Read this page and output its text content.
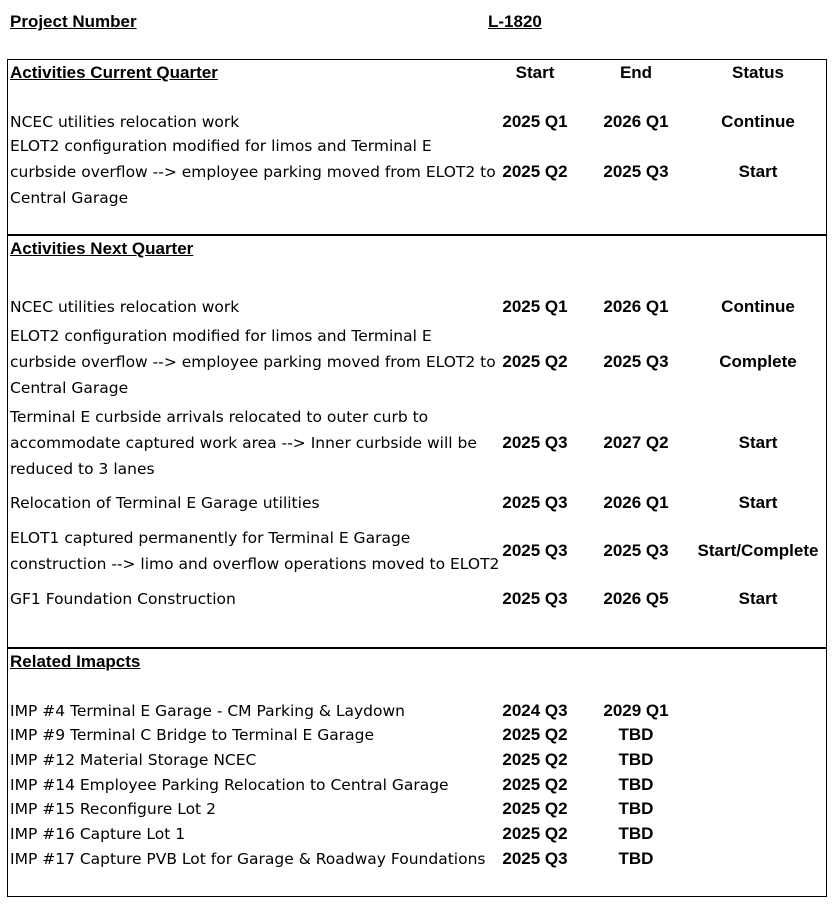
Project Number	L-1820
Activities Current Quarter	Start	End	Status
NCEC utilities relocation work	2025 Q1	2026 Q1	Continue
ELOT2 configuration modified for limos and Terminal E
curbside overflow --> employee parking moved from ELOT2 to
Central Garage
2025 Q2	2025 Q3	Start
Activities Next Quarter
NCEC utilities relocation work	2025 Q1	2026 Q1	Continue
ELOT2 configuration modified for limos and Terminal E
curbside overflow --> employee parking moved from ELOT2 to
Central Garage
2025 Q2	2025 Q3	Complete
Terminal E curbside arrivals relocated to outer curb to
accommodate captured work area --> Inner curbside will be
reduced to 3 lanes
2025 Q3	2027 Q2	Start
Relocation of Terminal E Garage utilities	2025 Q3	2026 Q1	Start
ELOT1 captured permanently for Terminal E Garage
construction --> limo and overflow operations moved to ELOT2
2025 Q3	2025 Q3	Start/Complete
GF1 Foundation Construction	2025 Q3	2026 Q5	Start
Related Imapcts
IMP #4 Terminal E Garage - CM Parking & Laydown	2024 Q3	2029 Q1
IMP #9 Terminal C Bridge to Terminal E Garage	2025 Q2	TBD
IMP #12 Material Storage NCEC	2025 Q2	TBD
IMP #14 Employee Parking Relocation to Central Garage	2025 Q2	TBD
IMP #15 Reconfigure Lot 2	2025 Q2	TBD
IMP #16 Capture Lot 1	2025 Q2	TBD
IMP #17 Capture PVB Lot for Garage & Roadway Foundations 2025 Q3	TBD
